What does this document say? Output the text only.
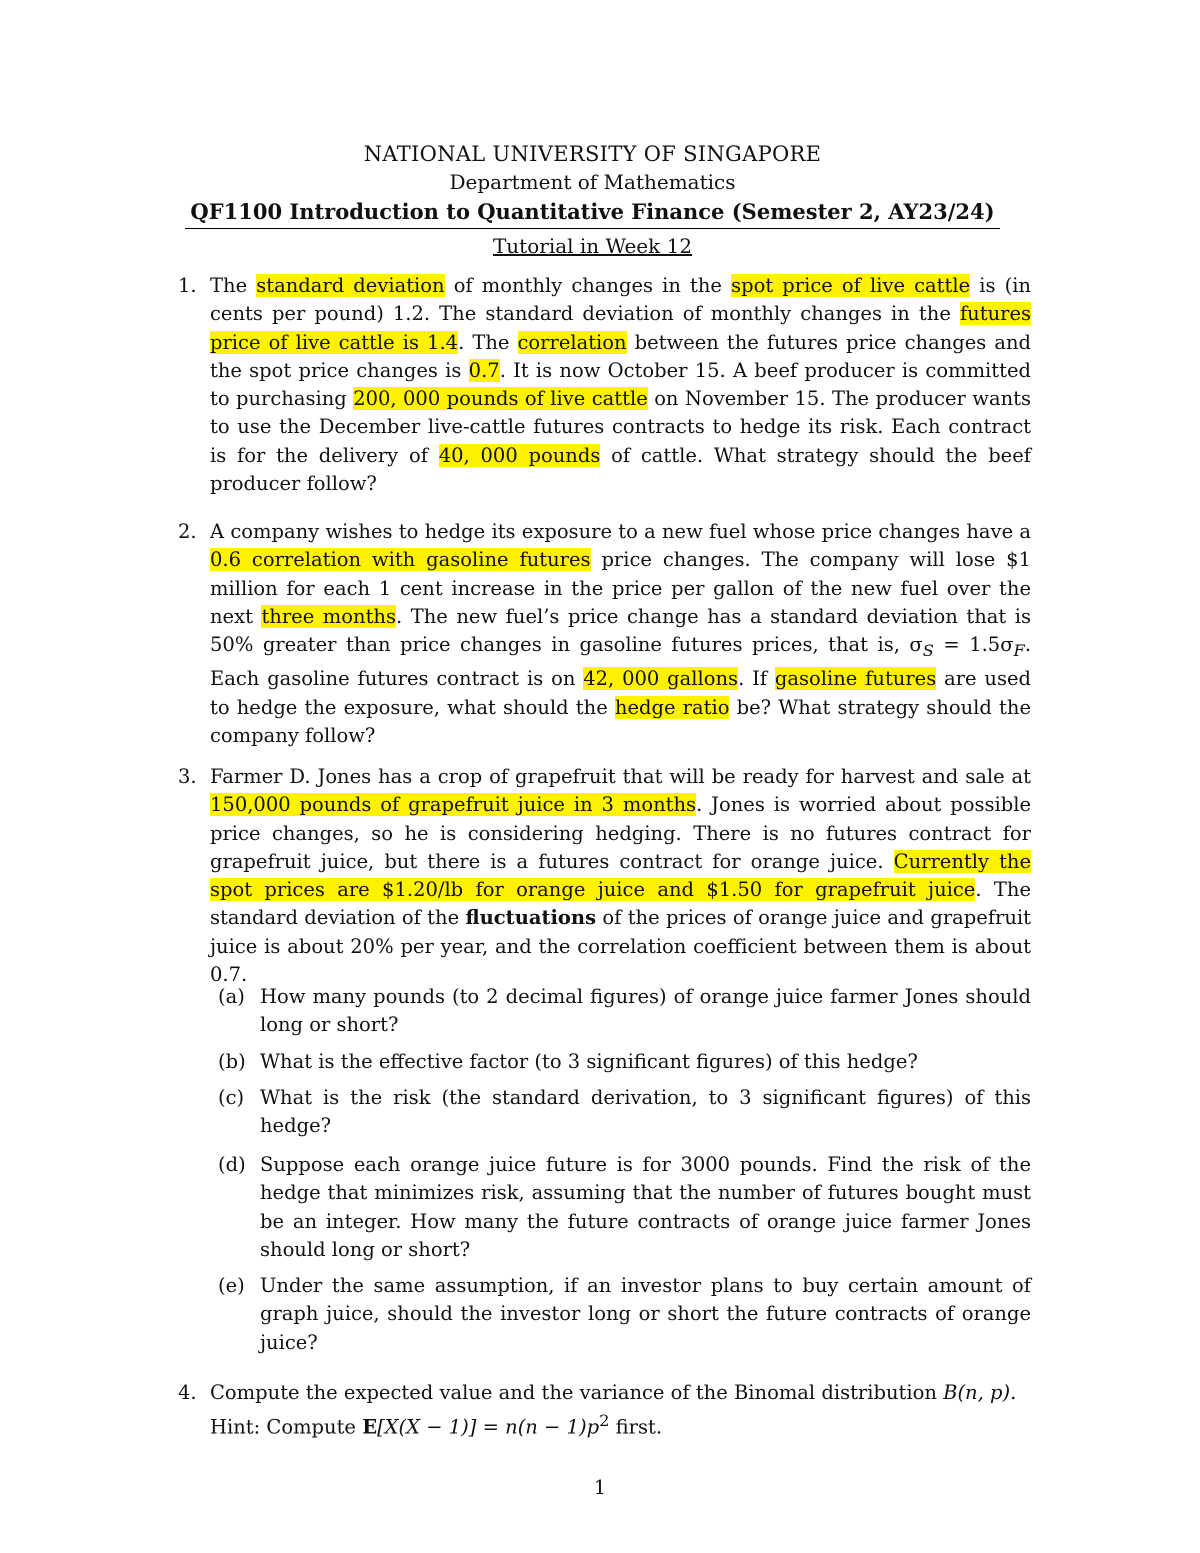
NATIONAL UNIVERSITY OF SINGAPORE
Department of Mathematics
QF1100 Introduction to Quantitative Finance (Semester 2, AY23/24)
Tutorial in Week 12
1. The standard deviation of monthly changes in the spot price of live cattle is (in cents per pound) 1.2. The standard deviation of monthly changes in the futures price of live cattle is 1.4. The correlation between the futures price changes and the spot price changes is 0.7. It is now October 15. A beef producer is committed to purchasing 200, 000 pounds of live cattle on November 15. The producer wants to use the December live-cattle futures contracts to hedge its risk. Each contract is for the delivery of 40, 000 pounds of cattle. What strategy should the beef producer follow?
2. A company wishes to hedge its exposure to a new fuel whose price changes have a 0.6 correlation with gasoline futures price changes. The company will lose $1 million for each 1 cent increase in the price per gallon of the new fuel over the next three months. The new fuel’s price change has a standard deviation that is 50% greater than price changes in gasoline futures prices, that is, $\sigma_S = 1.5\sigma_F$. Each gasoline futures contract is on 42, 000 gallons. If gasoline futures are used to hedge the exposure, what should the hedge ratio be? What strategy should the company follow?
3. Farmer D. Jones has a crop of grapefruit that will be ready for harvest and sale at 150,000 pounds of grapefruit juice in 3 months. Jones is worried about possible price changes, so he is considering hedging. There is no futures contract for grapefruit juice, but there is a futures contract for orange juice. Currently the spot prices are $1.20/lb for orange juice and $1.50 for grapefruit juice. The standard deviation of the fluctuations of the prices of orange juice and grapefruit juice is about 20% per year, and the correlation coefficient between them is about 0.7.
(a) How many pounds (to 2 decimal figures) of orange juice farmer Jones should long or short?
(b) What is the effective factor (to 3 significant figures) of this hedge?
(c) What is the risk (the standard derivation, to 3 significant figures) of this hedge?
(d) Suppose each orange juice future is for 3000 pounds. Find the risk of the hedge that minimizes risk, assuming that the number of futures bought must be an integer. How many the future contracts of orange juice farmer Jones should long or short?
(e) Under the same assumption, if an investor plans to buy certain amount of graph juice, should the investor long or short the future contracts of orange juice?
4. Compute the expected value and the variance of the Binomal distribution B(n, p).
Hint: Compute $E[X(X - 1)] = n(n - 1)p^2$ first.
1
